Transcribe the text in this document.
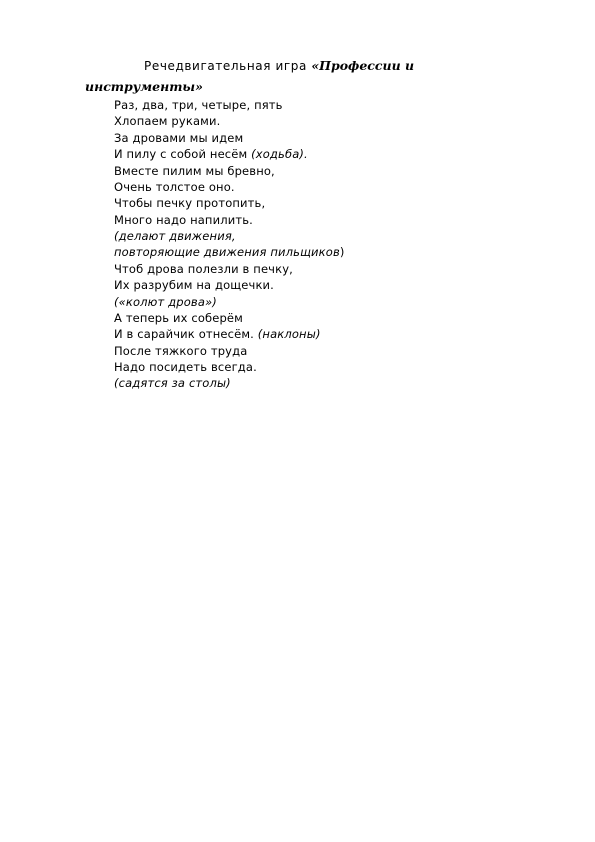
Речедвигательная игра «Профессии и
инструменты»
Раз, два, три, четыре, пять
Хлопаем руками.
За дровами мы идем
И пилу с собой несём (ходьба).
Вместе пилим мы бревно,
Очень толстое оно.
Чтобы печку протопить,
Много надо напилить.
(делают движения,
повторяющие движения пильщиков)
Чтоб дрова полезли в печку,
Их разрубим на дощечки.
(«колют дрова»)
А теперь их соберём
И в сарайчик отнесём. (наклоны)
После тяжкого труда
Надо посидеть всегда.
(садятся за столы)
